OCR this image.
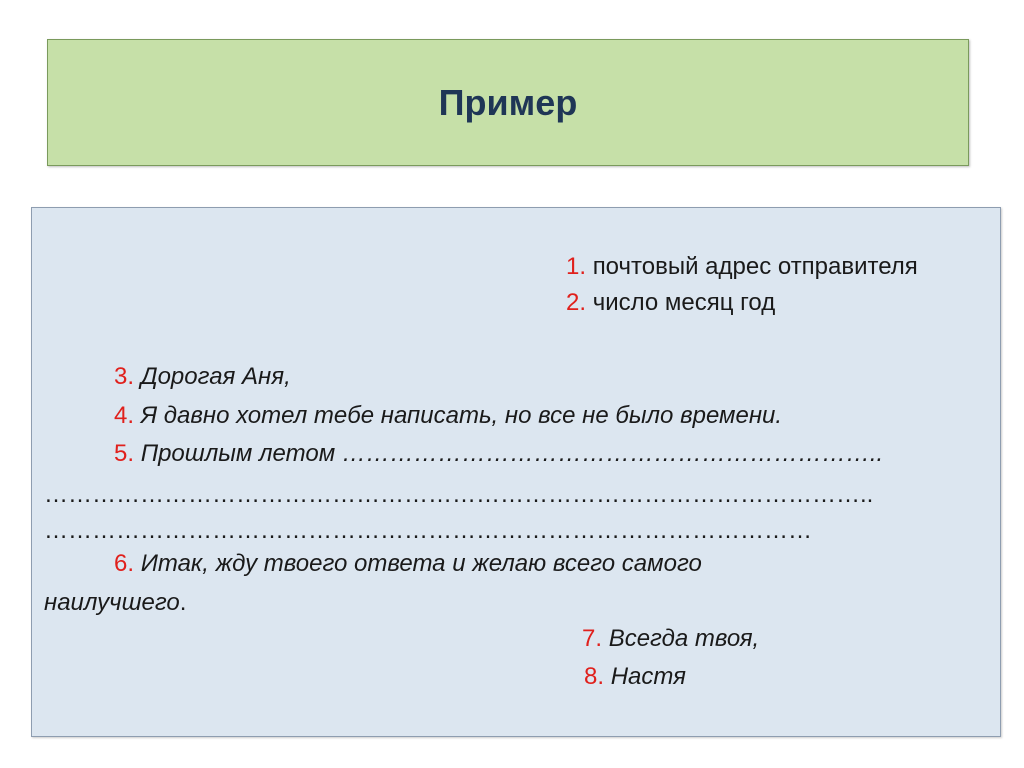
Пример
1. почтовый адрес отправителя
2. число месяц год
3. Дорогая Аня,
4. Я давно хотел тебе написать, но все не было времени.
5. Прошлым летом …………………………………………………………..
…………………………………………………………………………………………..
……………………………………………………………………………………
6. Итак, жду твоего ответа и желаю всего самого
наилучшего.
7. Всегда твоя,
8. Настя
